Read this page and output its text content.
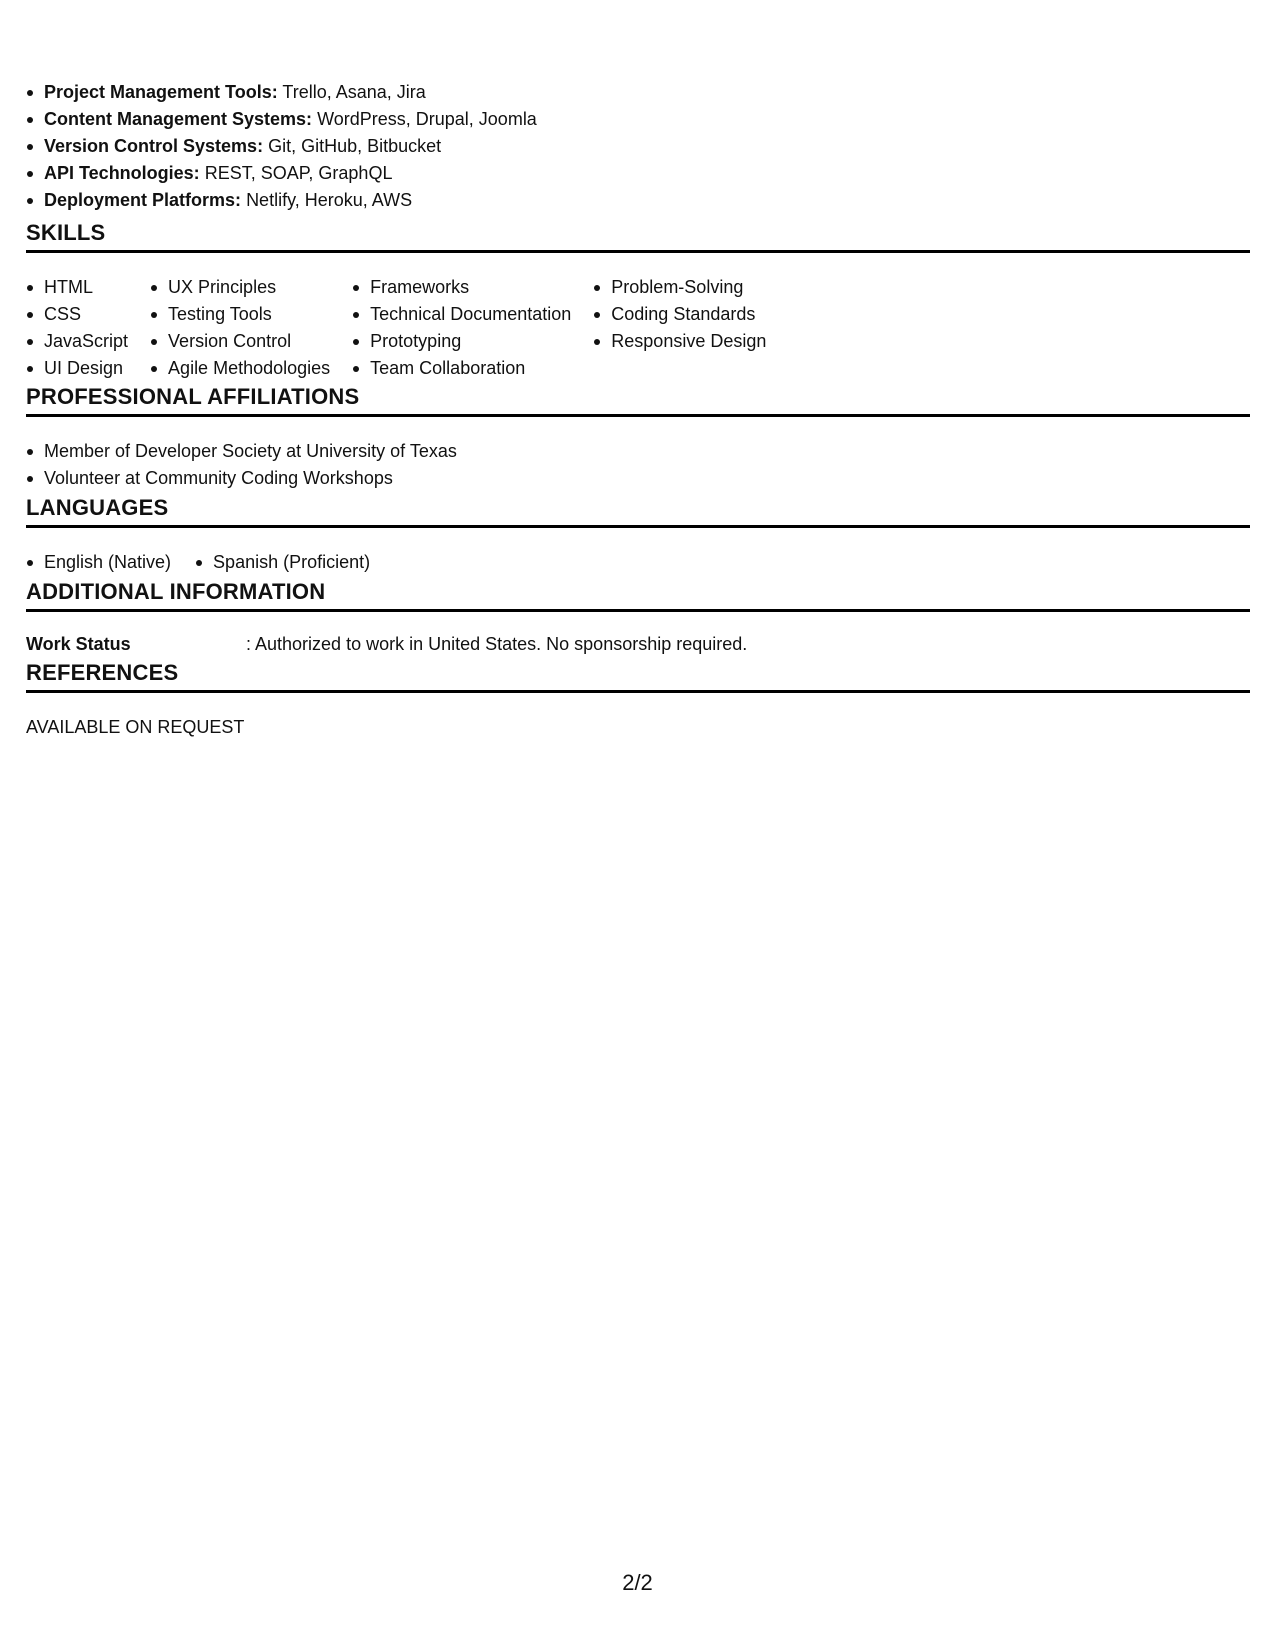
Project Management Tools: Trello, Asana, Jira
Content Management Systems: WordPress, Drupal, Joomla
Version Control Systems: Git, GitHub, Bitbucket
API Technologies: REST, SOAP, GraphQL
Deployment Platforms: Netlify, Heroku, AWS
SKILLS
HTML
CSS
JavaScript
UI Design
UX Principles
Testing Tools
Version Control
Agile Methodologies
Frameworks
Technical Documentation
Prototyping
Team Collaboration
Problem-Solving
Coding Standards
Responsive Design
PROFESSIONAL AFFILIATIONS
Member of Developer Society at University of Texas
Volunteer at Community Coding Workshops
LANGUAGES
English (Native) Spanish (Proficient)
ADDITIONAL INFORMATION
Work Status	: Authorized to work in United States. No sponsorship required.
REFERENCES
AVAILABLE ON REQUEST
2/2
